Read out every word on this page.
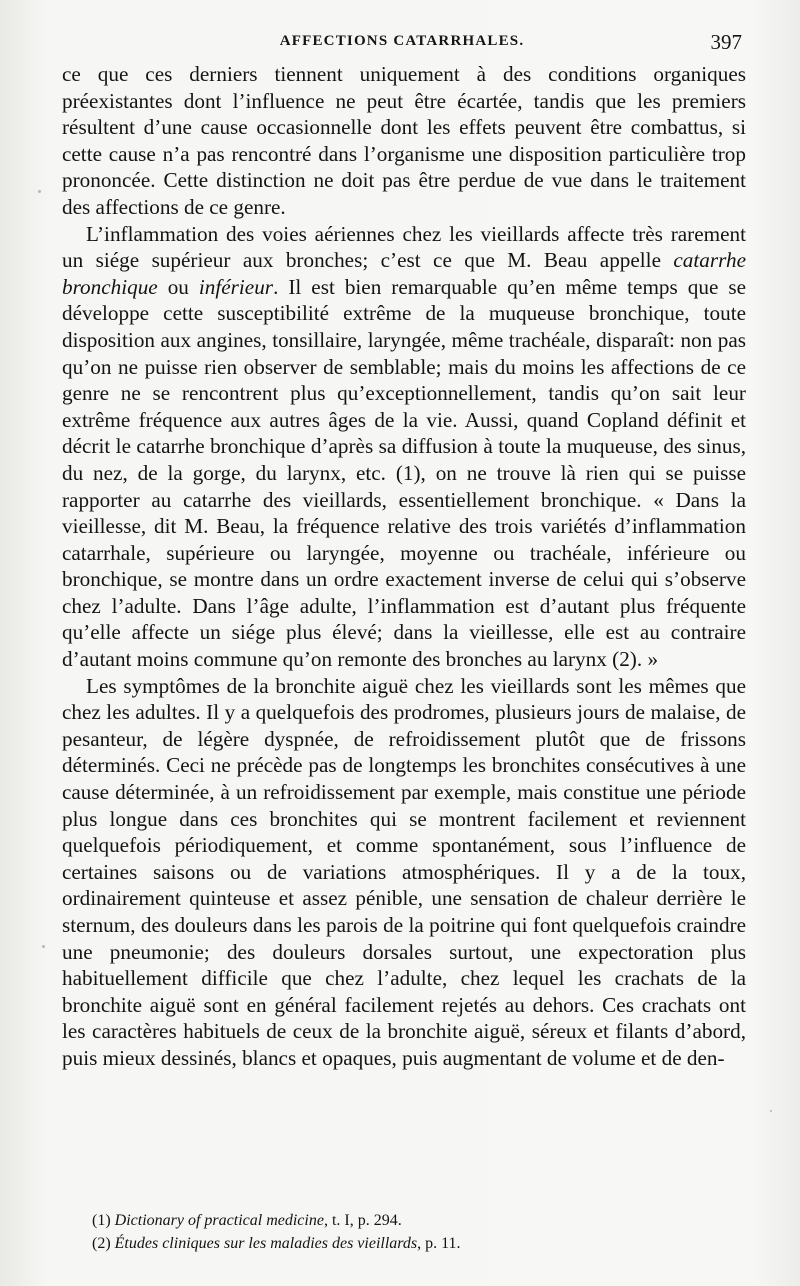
AFFECTIONS CATARRHALES.	397

ce que ces derniers tiennent uniquement à des conditions organiques préexistantes dont l’influence ne peut être écartée, tandis que les premiers résultent d’une cause occasionnelle dont les effets peuvent être combattus, si cette cause n’a pas rencontré dans l’organisme une disposition particulière trop prononcée. Cette distinction ne doit pas être perdue de vue dans le traitement des affections de ce genre.

L’inflammation des voies aériennes chez les vieillards affecte très rarement un siége supérieur aux bronches; c’est ce que M. Beau appelle catarrhe bronchique ou inférieur. Il est bien remarquable qu’en même temps que se développe cette susceptibilité extrême de la muqueuse bronchique, toute disposition aux angines, tonsillaire, laryngée, même trachéale, disparaît: non pas qu’on ne puisse rien observer de semblable; mais du moins les affections de ce genre ne se rencontrent plus qu’exceptionnellement, tandis qu’on sait leur extrême fréquence aux autres âges de la vie. Aussi, quand Copland définit et décrit le catarrhe bronchique d’après sa diffusion à toute la muqueuse, des sinus, du nez, de la gorge, du larynx, etc. (1), on ne trouve là rien qui se puisse rapporter au catarrhe des vieillards, essentiellement bronchique. « Dans la vieillesse, dit M. Beau, la fréquence relative des trois variétés d’inflammation catarrhale, supérieure ou laryngée, moyenne ou trachéale, inférieure ou bronchique, se montre dans un ordre exactement inverse de celui qui s’observe chez l’adulte. Dans l’âge adulte, l’inflammation est d’autant plus fréquente qu’elle affecte un siége plus élevé; dans la vieillesse, elle est au contraire d’autant moins commune qu’on remonte des bronches au larynx (2). »

Les symptômes de la bronchite aiguë chez les vieillards sont les mêmes que chez les adultes. Il y a quelquefois des prodromes, plusieurs jours de malaise, de pesanteur, de légère dyspnée, de refroidissement plutôt que de frissons déterminés. Ceci ne précède pas de longtemps les bronchites consécutives à une cause déterminée, à un refroidissement par exemple, mais constitue une période plus longue dans ces bronchites qui se montrent facilement et reviennent quelquefois périodiquement, et comme spontanément, sous l’influence de certaines saisons ou de variations atmosphériques. Il y a de la toux, ordinairement quinteuse et assez pénible, une sensation de chaleur derrière le sternum, des douleurs dans les parois de la poitrine qui font quelquefois craindre une pneumonie; des douleurs dorsales surtout, une expectoration plus habituellement difficile que chez l’adulte, chez lequel les crachats de la bronchite aiguë sont en général facilement rejetés au dehors. Ces crachats ont les caractères habituels de ceux de la bronchite aiguë, séreux et filants d’abord, puis mieux dessinés, blancs et opaques, puis augmentant de volume et de den-

(1) Dictionary of practical medicine, t. I, p. 294.

(2) Études cliniques sur les maladies des vieillards, p. 11.
